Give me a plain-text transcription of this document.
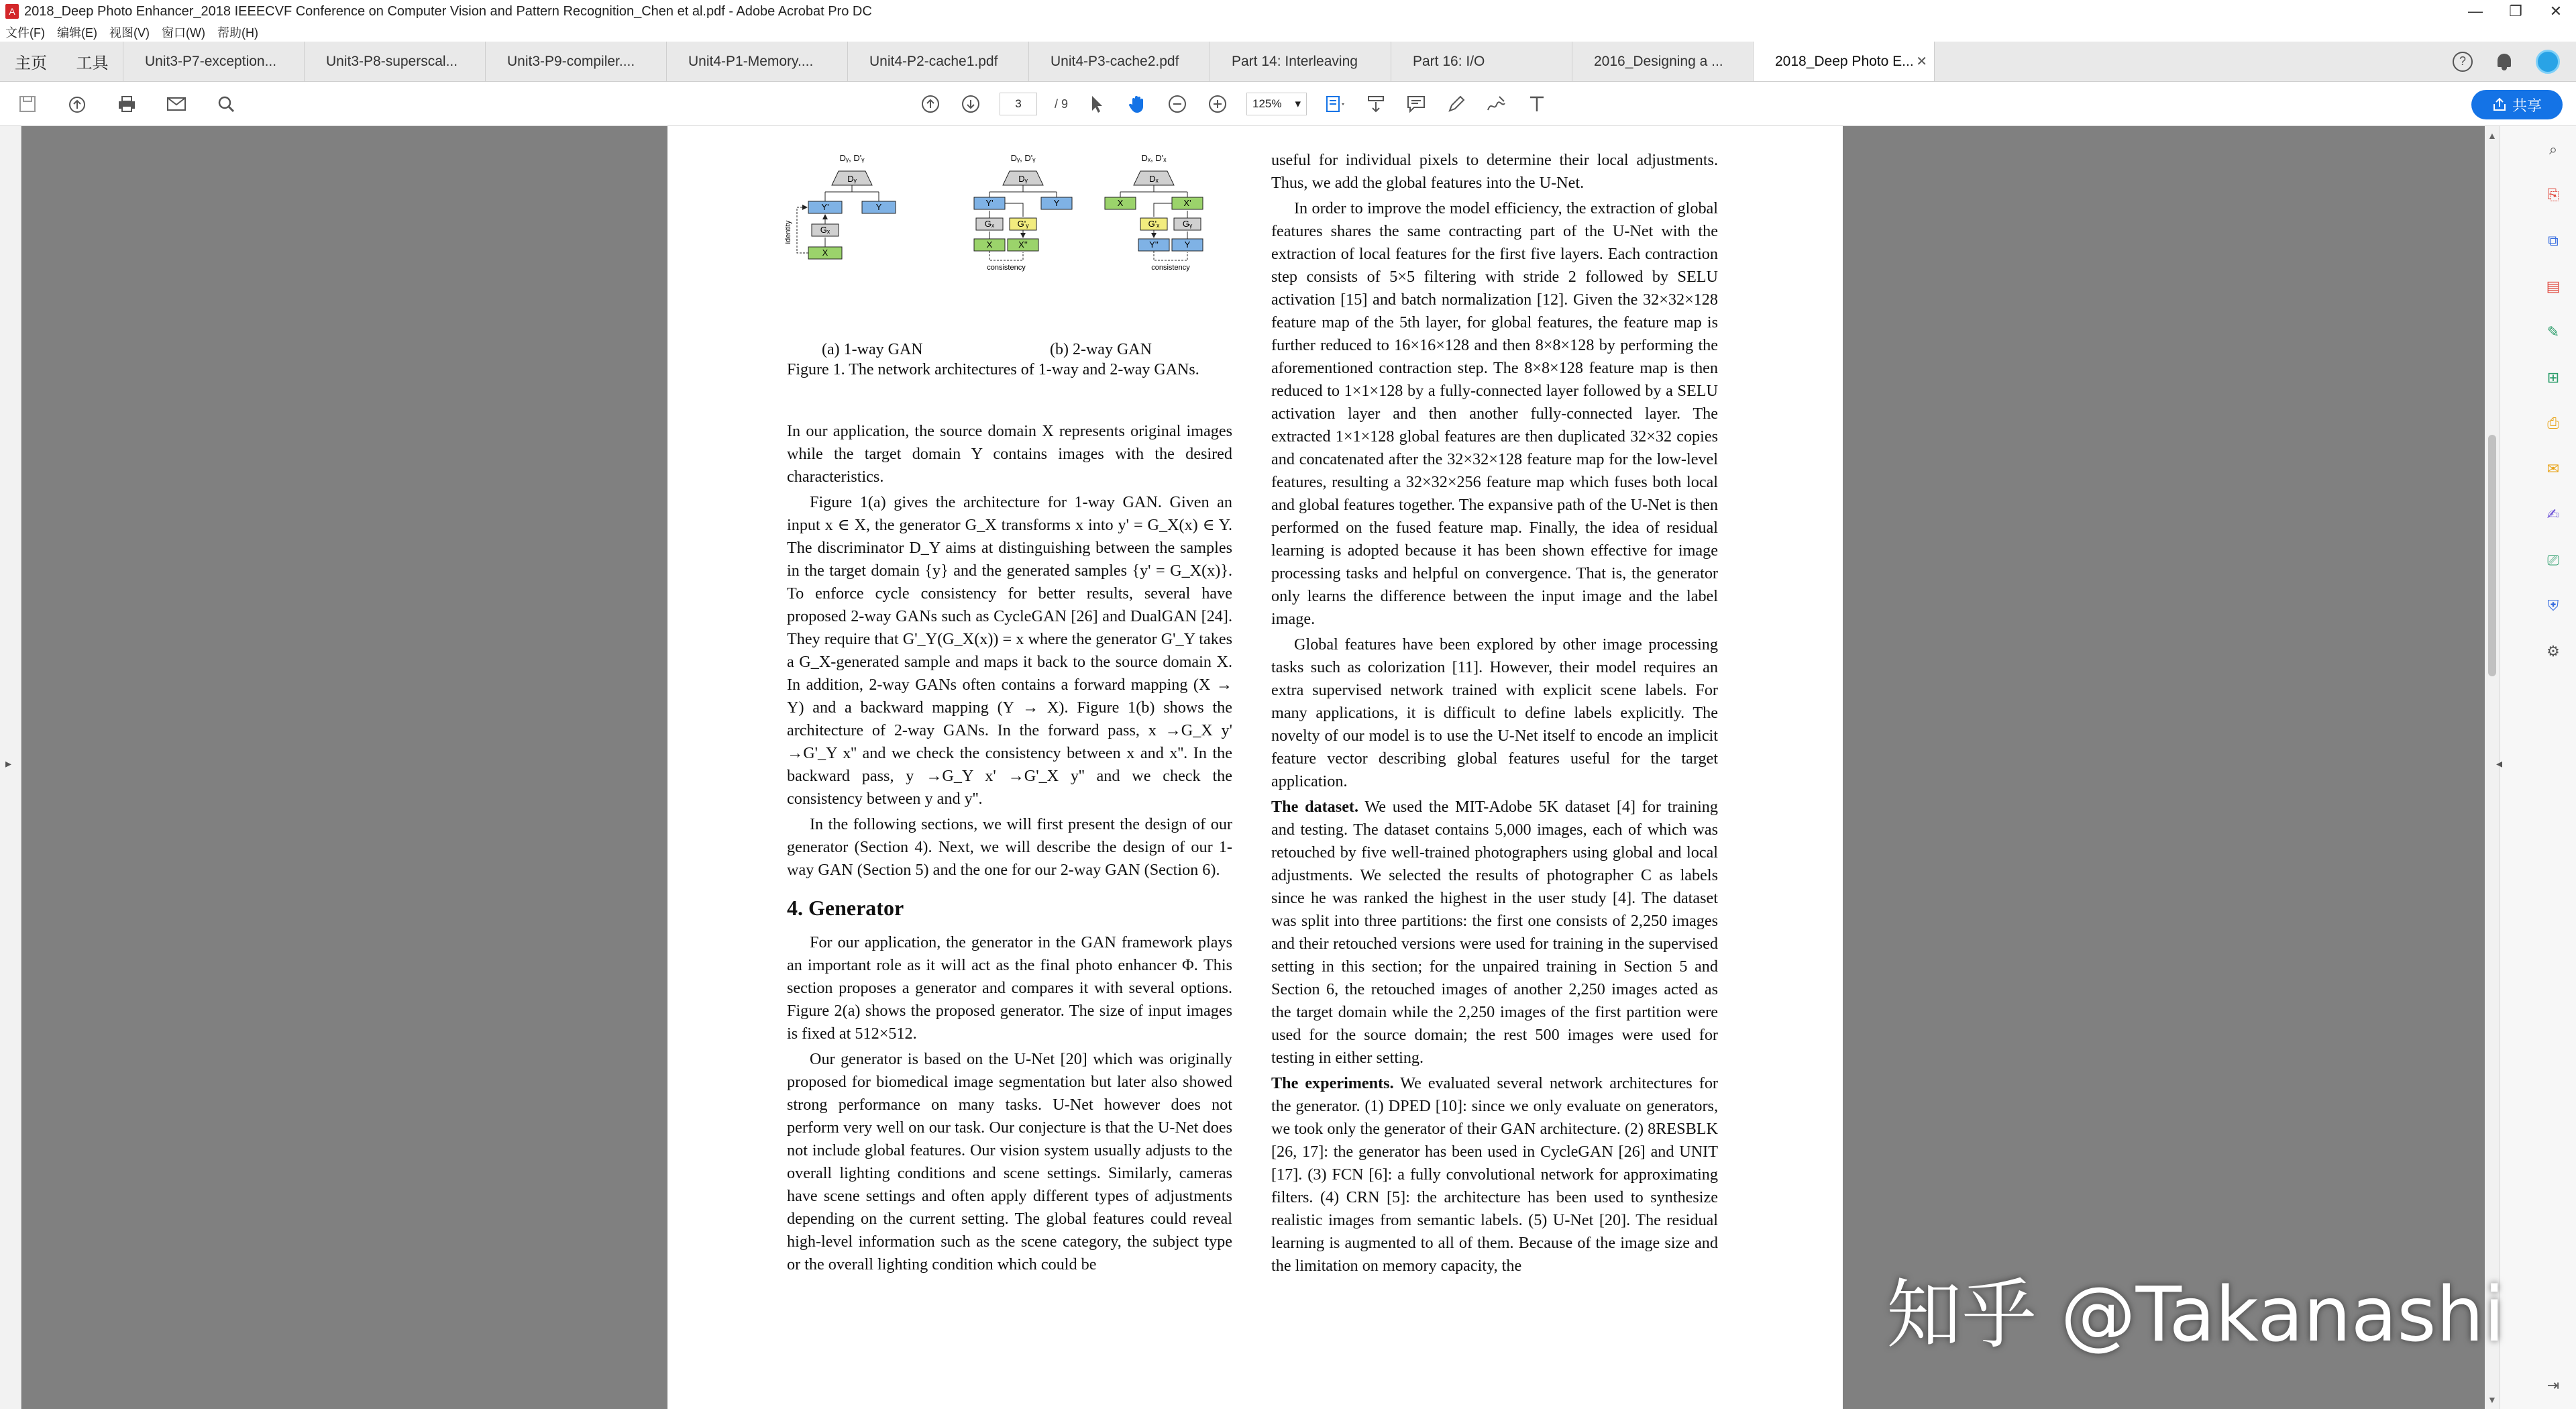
A 2018_Deep Photo Enhancer_2018 IEEECVF Conference on Computer Vision and Pattern Recognition_Chen et al.pdf - Adobe Acrobat Pro DC	—	❐	✕
文件(F) 编辑(E) 视图(V) 窗口(W) 帮助(H)
主页	工具	Unit3-P7-exception...	Unit3-P8-superscal...	Unit3-P9-compiler....	Unit4-P1-Memory....	Unit4-P2-cache1.pdf	Unit4-P3-cache2.pdf	Part 14: Interleaving	Part 16: I/O	2016_Designing a ...	2018_Deep Photo E... ✕	?
3	/ 9	125% ▾	共享
▸
▲
▼
Dᵧ, D'ᵧ
Dᵧ
Y'	Y
Gₓ
X
identity
Dᵧ, D'ᵧ
Dᵧ
Y'	Y
Gₓ	G'ᵧ
X	X''
consistency
Dₓ, D'ₓ
Dₓ
X	X'
G'ₓ	Gᵧ
Y''	Y
consistency
(a) 1-way GAN	(b) 2-way GAN
Figure 1. The network architectures of 1-way and 2-way GANs.

In our application, the source domain X represents original images while the target domain Y contains images with the desired characteristics.

Figure 1(a) gives the architecture for 1-way GAN. Given an input x ∈ X, the generator G_X transforms x into y' = G_X(x) ∈ Y. The discriminator D_Y aims at distinguishing between the samples in the target domain {y} and the generated samples {y' = G_X(x)}. To enforce cycle consistency for better results, several have proposed 2-way GANs such as CycleGAN [26] and DualGAN [24]. They require that G'_Y(G_X(x)) = x where the generator G'_Y takes a G_X-generated sample and maps it back to the source domain X. In addition, 2-way GANs often contains a forward mapping (X → Y) and a backward mapping (Y → X). Figure 1(b) shows the architecture of 2-way GANs. In the forward pass, x →G_X y' →G'_Y x'' and we check the consistency between x and x''. In the backward pass, y →G_Y x' →G'_X y'' and we check the consistency between y and y''.

In the following sections, we will first present the design of our generator (Section 4). Next, we will describe the design of our 1-way GAN (Section 5) and the one for our 2-way GAN (Section 6).

4. Generator

For our application, the generator in the GAN framework plays an important role as it will act as the final photo enhancer Φ. This section proposes a generator and compares it with several options. Figure 2(a) shows the proposed generator. The size of input images is fixed at 512×512.

Our generator is based on the U-Net [20] which was originally proposed for biomedical image segmentation but later also showed strong performance on many tasks. U-Net however does not perform very well on our task. Our conjecture is that the U-Net does not include global features. Our vision system usually adjusts to the overall lighting conditions and scene settings. Similarly, cameras have scene settings and often apply different types of adjustments depending on the current setting. The global features could reveal high-level information such as the scene category, the subject type or the overall lighting condition which could be

useful for individual pixels to determine their local adjustments. Thus, we add the global features into the U-Net.

In order to improve the model efficiency, the extraction of global features shares the same contracting part of the U-Net with the extraction of local features for the first five layers. Each contraction step consists of 5×5 filtering with stride 2 followed by SELU activation [15] and batch normalization [12]. Given the 32×32×128 feature map of the 5th layer, for global features, the feature map is further reduced to 16×16×128 and then 8×8×128 by performing the aforementioned contraction step. The 8×8×128 feature map is then reduced to 1×1×128 by a fully-connected layer followed by a SELU activation layer and then another fully-connected layer. The extracted 1×1×128 global features are then duplicated 32×32 copies and concatenated after the 32×32×128 feature map for the low-level features, resulting a 32×32×256 feature map which fuses both local and global features together. The expansive path of the U-Net is then performed on the fused feature map. Finally, the idea of residual learning is adopted because it has been shown effective for image processing tasks and helpful on convergence. That is, the generator only learns the difference between the input image and the label image.

Global features have been explored by other image processing tasks such as colorization [11]. However, their model requires an extra supervised network trained with explicit scene labels. For many applications, it is difficult to define labels explicitly. The novelty of our model is to use the U-Net itself to encode an implicit feature vector describing global features useful for the target application.

The dataset. We used the MIT-Adobe 5K dataset [4] for training and testing. The dataset contains 5,000 images, each of which was retouched by five well-trained photographers using global and local adjustments. We selected the results of photographer C as labels since he was ranked the highest in the user study [4]. The dataset was split into three partitions: the first one consists of 2,250 images and their retouched versions were used for training in the supervised setting in this section; for the unpaired training in Section 5 and Section 6, the retouched images of another 2,250 images acted as the target domain while the 2,250 images of the first partition were used for the source domain; the rest 500 images were used for testing in either setting.

The experiments. We evaluated several network architectures for the generator. (1) DPED [10]: since we only evaluate on generators, we took only the generator of their GAN architecture. (2) 8RESBLK [26, 17]: the generator has been used in CycleGAN [26] and UNIT [17]. (3) FCN [6]: a fully convolutional network for approximating filters. (4) CRN [5]: the architecture has been used to synthesize realistic images from semantic labels. (5) U-Net [20]. The residual learning is augmented to all of them. Because of the image size and the limitation on memory capacity, the

◂
⌕
⎘
⧉
▤
✎
⊞
⎙
✉
✍
⎚
⛨
⚙
⇥
知乎 @Takanashi
